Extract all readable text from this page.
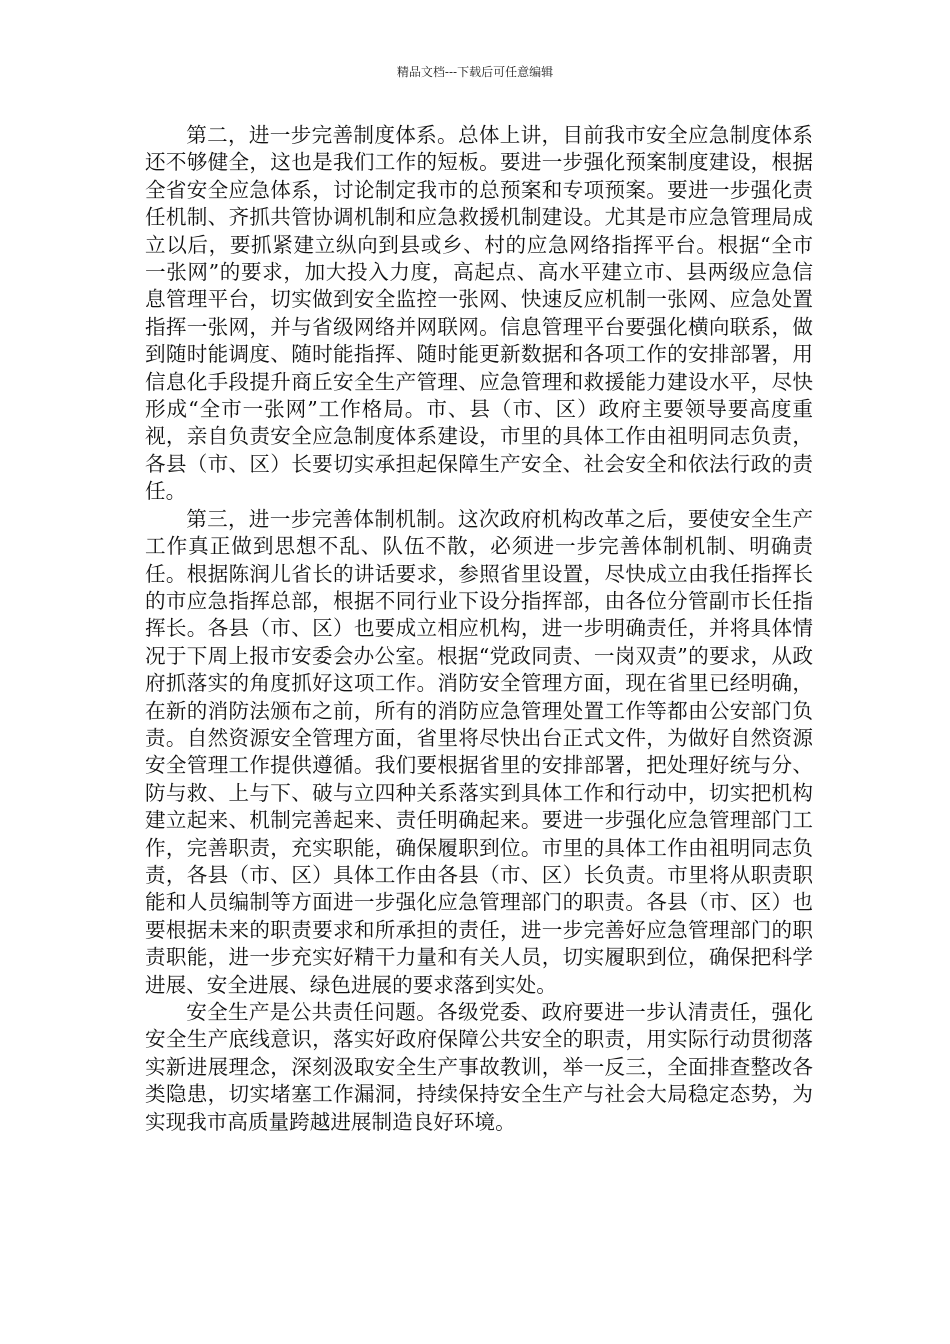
精品文档---下载后可任意编辑

第二，进一步完善制度体系。总体上讲，目前我市安全应急制度体系还不够健全，这也是我们工作的短板。要进一步强化预案制度建设，根据全省安全应急体系，讨论制定我市的总预案和专项预案。要进一步强化责任机制、齐抓共管协调机制和应急救援机制建设。尤其是市应急管理局成立以后，要抓紧建立纵向到县或乡、村的应急网络指挥平台。根据“全市一张网”的要求，加大投入力度，高起点、高水平建立市、县两级应急信息管理平台，切实做到安全监控一张网、快速反应机制一张网、应急处置指挥一张网，并与省级网络并网联网。信息管理平台要强化横向联系，做到随时能调度、随时能指挥、随时能更新数据和各项工作的安排部署，用信息化手段提升商丘安全生产管理、应急管理和救援能力建设水平，尽快形成“全市一张网”工作格局。市、县（市、区）政府主要领导要高度重视，亲自负责安全应急制度体系建设，市里的具体工作由祖明同志负责，各县（市、区）长要切实承担起保障生产安全、社会安全和依法行政的责任。

第三，进一步完善体制机制。这次政府机构改革之后，要使安全生产工作真正做到思想不乱、队伍不散，必须进一步完善体制机制、明确责任。根据陈润儿省长的讲话要求，参照省里设置，尽快成立由我任指挥长的市应急指挥总部，根据不同行业下设分指挥部，由各位分管副市长任指挥长。各县（市、区）也要成立相应机构，进一步明确责任，并将具体情况于下周上报市安委会办公室。根据“党政同责、一岗双责”的要求，从政府抓落实的角度抓好这项工作。消防安全管理方面，现在省里已经明确，在新的消防法颁布之前，所有的消防应急管理处置工作等都由公安部门负责。自然资源安全管理方面，省里将尽快出台正式文件，为做好自然资源安全管理工作提供遵循。我们要根据省里的安排部署，把处理好统与分、防与救、上与下、破与立四种关系落实到具体工作和行动中，切实把机构建立起来、机制完善起来、责任明确起来。要进一步强化应急管理部门工作，完善职责，充实职能，确保履职到位。市里的具体工作由祖明同志负责，各县（市、区）具体工作由各县（市、区）长负责。市里将从职责职能和人员编制等方面进一步强化应急管理部门的职责。各县（市、区）也要根据未来的职责要求和所承担的责任，进一步完善好应急管理部门的职责职能，进一步充实好精干力量和有关人员，切实履职到位，确保把科学进展、安全进展、绿色进展的要求落到实处。

安全生产是公共责任问题。各级党委、政府要进一步认清责任，强化安全生产底线意识，落实好政府保障公共安全的职责，用实际行动贯彻落实新进展理念，深刻汲取安全生产事故教训，举一反三，全面排查整改各类隐患，切实堵塞工作漏洞，持续保持安全生产与社会大局稳定态势，为实现我市高质量跨越进展制造良好环境。
